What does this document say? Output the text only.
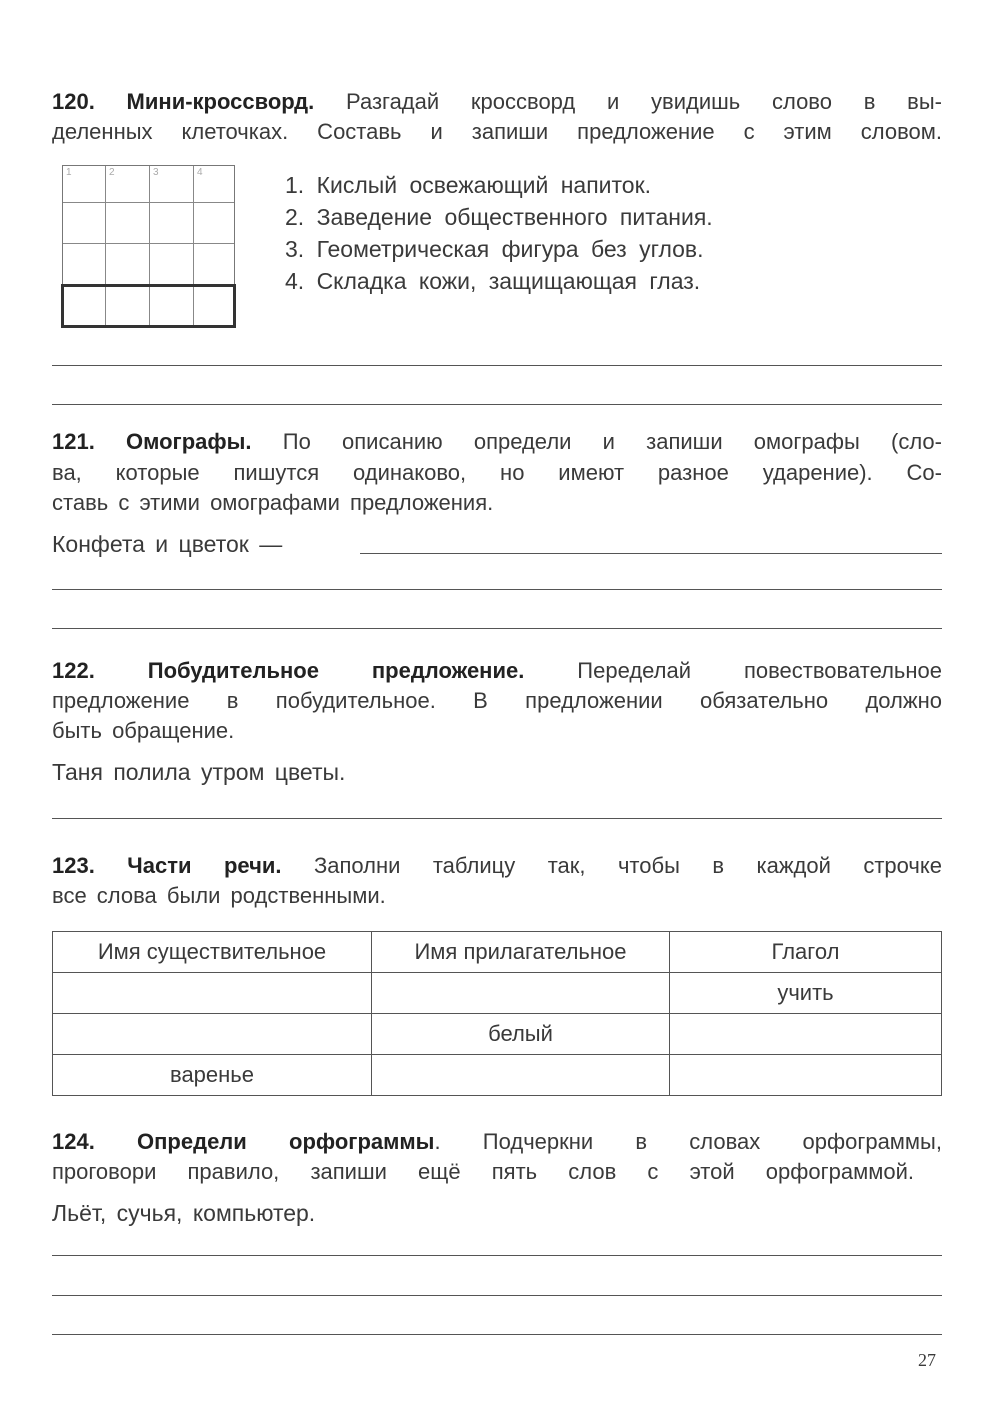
120. Мини-кроссворд. Разгадай кроссворд и увидишь слово в вы-
деленных клеточках. Составь и запиши предложение с этим словом.
1	2	3	4	1. Кислый освежающий напиток.
2. Заведение общественного питания.
3. Геометрическая фигура без углов.
4. Складка кожи, защищающая глаз.
121. Омографы. По описанию определи и запиши омографы (сло-
ва, которые пишутся одинаково, но имеют разное ударение). Со-
ставь с этими омографами предложения.
Конфета и цветок —
122. Побудительное предложение. Переделай повествовательное
предложение в побудительное. В предложении обязательно должно
быть обращение.
Таня полила утром цветы.
123. Части речи. Заполни таблицу так, чтобы в каждой строчке
все слова были родственными.
Имя существительное	Имя прилагательное	Глагол
		учить
	белый	
варенье		
124. Определи орфограммы. Подчеркни в словах орфограммы,
проговори правило, запиши ещё пять слов с этой орфограммой.
Льёт, сучья, компьютер.
27
